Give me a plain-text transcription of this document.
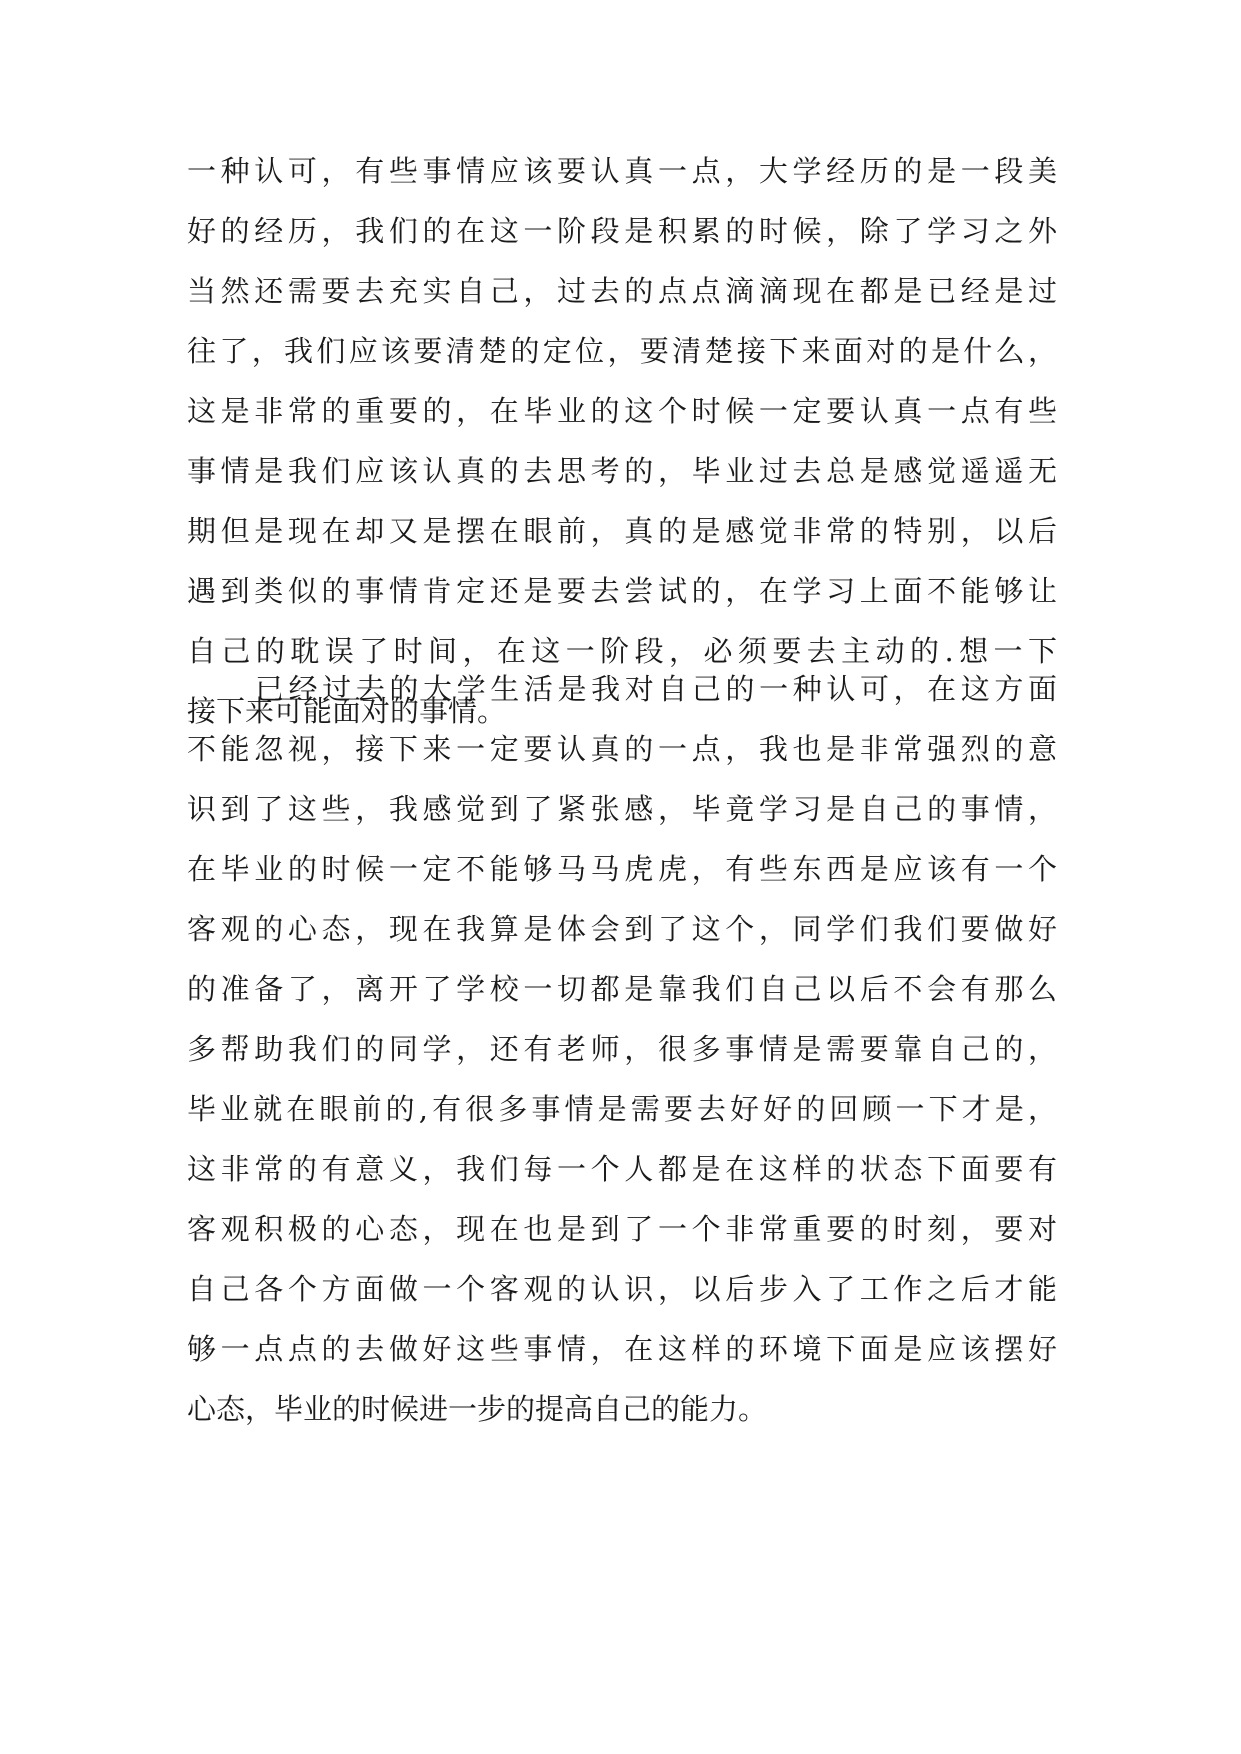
一种认可，有些事情应该要认真一点，大学经历的是一段美
好的经历，我们的在这一阶段是积累的时候，除了学习之外
当然还需要去充实自己，过去的点点滴滴现在都是已经是过
往了，我们应该要清楚的定位，要清楚接下来面对的是什么，
这是非常的重要的，在毕业的这个时候一定要认真一点有些
事情是我们应该认真的去思考的，毕业过去总是感觉遥遥无
期但是现在却又是摆在眼前，真的是感觉非常的特别，以后
遇到类似的事情肯定还是要去尝试的，在学习上面不能够让
自己的耽误了时间，在这一阶段，必须要去主动的.想一下
接下来可能面对的事情。
已经过去的大学生活是我对自己的一种认可，在这方面
不能忽视，接下来一定要认真的一点，我也是非常强烈的意
识到了这些，我感觉到了紧张感，毕竟学习是自己的事情，
在毕业的时候一定不能够马马虎虎，有些东西是应该有一个
客观的心态，现在我算是体会到了这个，同学们我们要做好
的准备了，离开了学校一切都是靠我们自己以后不会有那么
多帮助我们的同学，还有老师，很多事情是需要靠自己的，
毕业就在眼前的,有很多事情是需要去好好的回顾一下才是，
这非常的有意义，我们每一个人都是在这样的状态下面要有
客观积极的心态，现在也是到了一个非常重要的时刻，要对
自己各个方面做一个客观的认识，以后步入了工作之后才能
够一点点的去做好这些事情，在这样的环境下面是应该摆好
心态，毕业的时候进一步的提高自己的能力。
